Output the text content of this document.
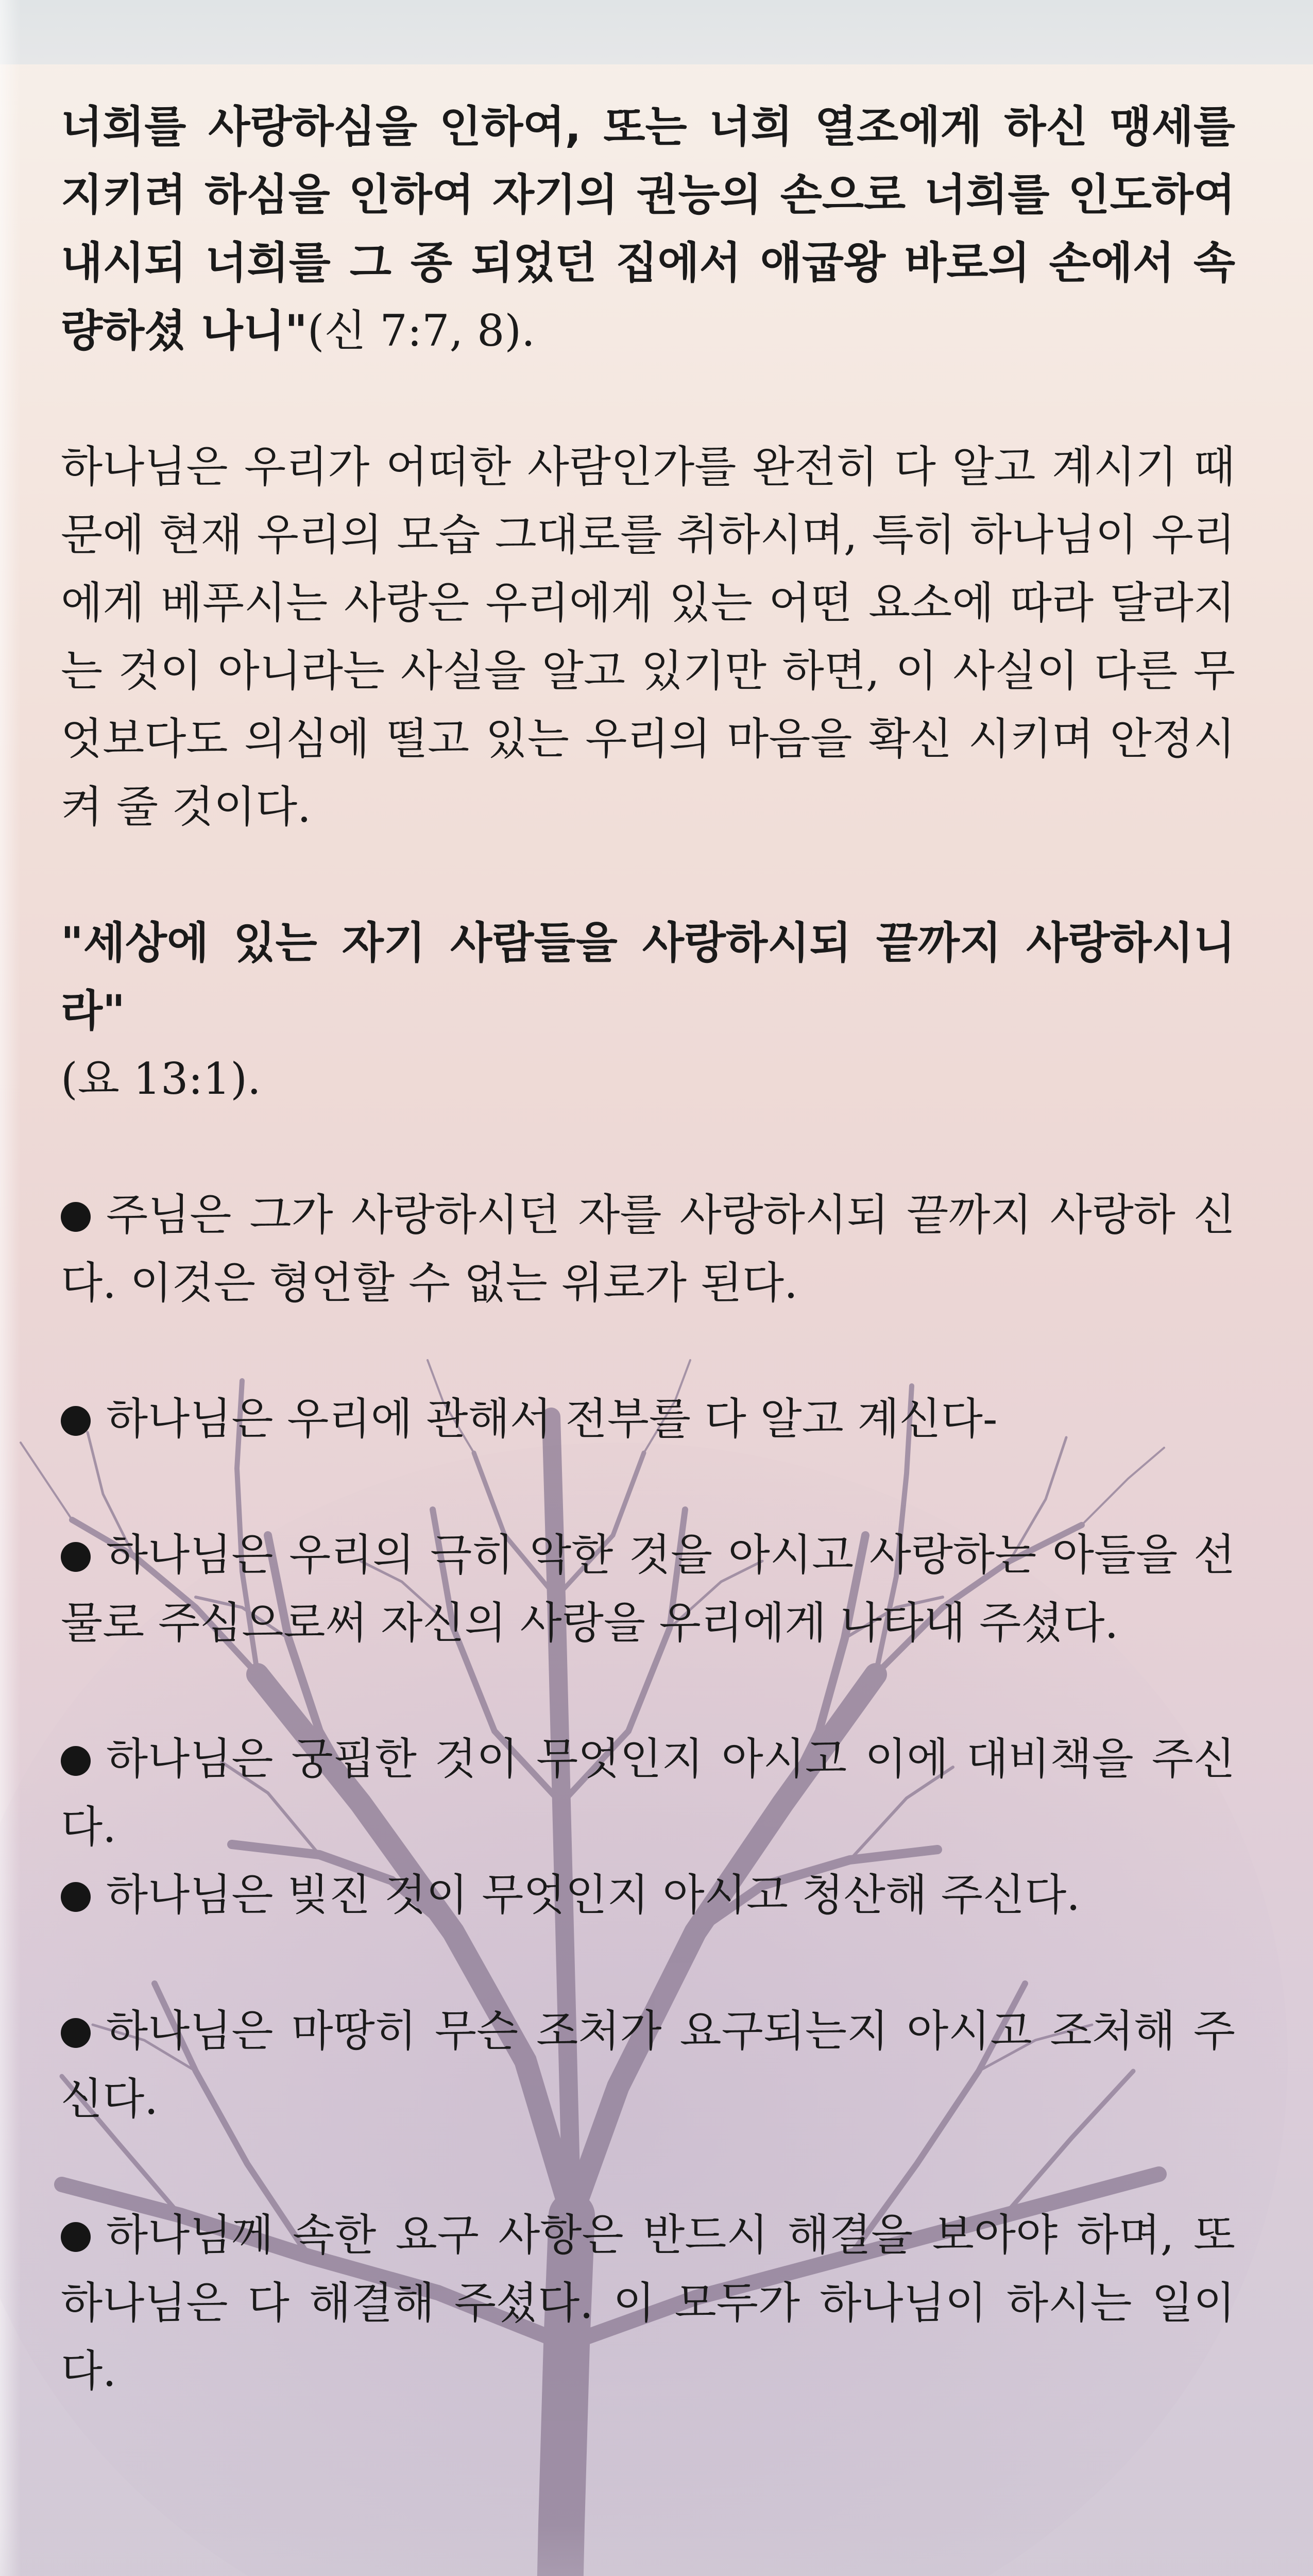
너희를 사랑하심을 인하여, 또는 너희 열조에게 하신 맹세를 지키려 하심을 인하여 자기의 권능의 손으로 너희를 인도하여 내시되 너희를 그 종 되었던 집에서 애굽왕 바로의 손에서 속량하셨 나니"(신 7:7, 8).

하나님은 우리가 어떠한 사람인가를 완전히 다 알고 계시기 때문에 현재 우리의 모습 그대로를 취하시며, 특히 하나님이 우리에게 베푸시는 사랑은 우리에게 있는 어떤 요소에 따라 달라지는 것이 아니라는 사실을 알고 있기만 하면, 이 사실이 다른 무엇보다도 의심에 떨고 있는 우리의 마음을 확신 시키며 안정시켜 줄 것이다.

"세상에 있는 자기 사람들을 사랑하시되 끝까지 사랑하시니라"
(요 13:1).

주님은 그가 사랑하시던 자를 사랑하시되 끝까지 사랑하 신다. 이것은 형언할 수 없는 위로가 된다.

하나님은 우리에 관해서 전부를 다 알고 계신다-

하나님은 우리의 극히 악한 것을 아시고 사랑하는 아들을 선물로 주심으로써 자신의 사랑을 우리에게 나타내 주셨다.

하나님은 궁핍한 것이 무엇인지 아시고 이에 대비책을 주신다.

하나님은 빚진 것이 무엇인지 아시고 청산해 주신다.

하나님은 마땅히 무슨 조처가 요구되는지 아시고 조처해 주신다.

하나님께 속한 요구 사항은 반드시 해결을 보아야 하며, 또 하나님은 다 해결해 주셨다. 이 모두가 하나님이 하시는 일이다.
